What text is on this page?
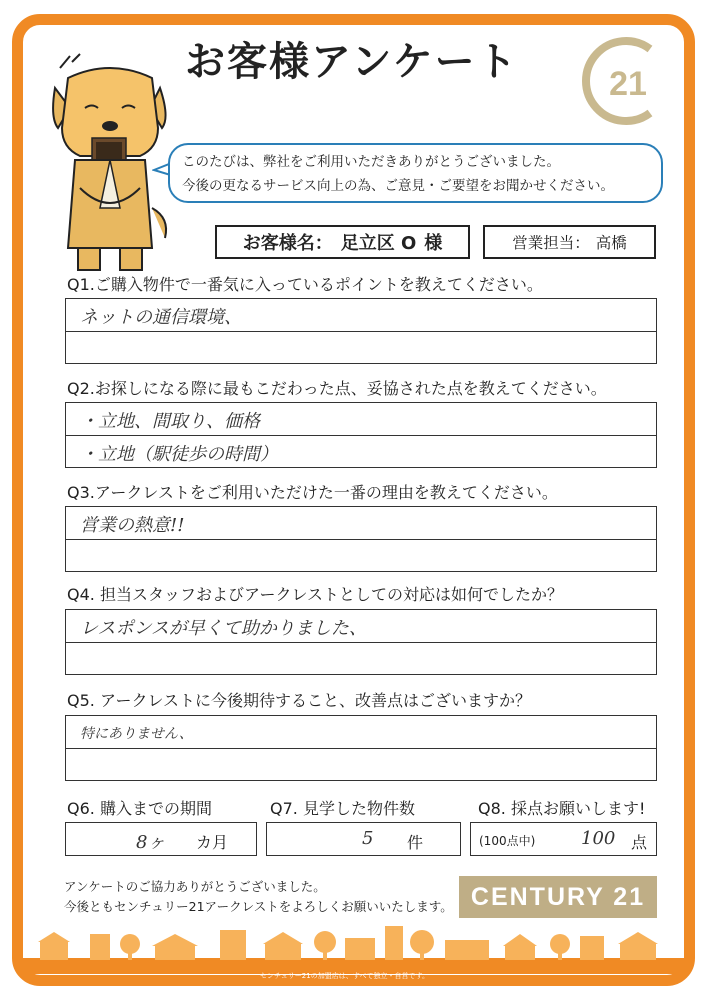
お客様アンケート	21

このたびは、弊社をご利用いただきありがとうございました。

今後の更なるサービス向上の為、ご意見・ご要望をお聞かせください。

お客様名： 足立区 O 様	営業担当： 高橋
Q1.ご購入物件で一番気に入っているポイントを教えてください。
ネットの通信環境、
Q2.お探しになる際に最もこだわった点、妥協された点を教えてください。
・立地、間取り、価格
・立地（駅徒歩の時間）
Q3.アークレストをご利用いただけた一番の理由を教えてください。
営業の熱意!!
Q4. 担当スタッフおよびアークレストとしての対応は如何でしたか？
レスポンスが早くて助かりました、
Q5. アークレストに今後期待すること、改善点はございますか？
特にありません、
Q6. 購入までの期間	Q7. 見学した物件数	Q8. 採点お願いします!
8ヶ カ月	5 件	(100点中)	100 点

アンケートのご協力ありがとうございました。

今後ともセンチュリー21アークレストをよろしくお願いいたします。 CENTURY 21
センチュリー21の加盟店は、すべて独立・自営です。
